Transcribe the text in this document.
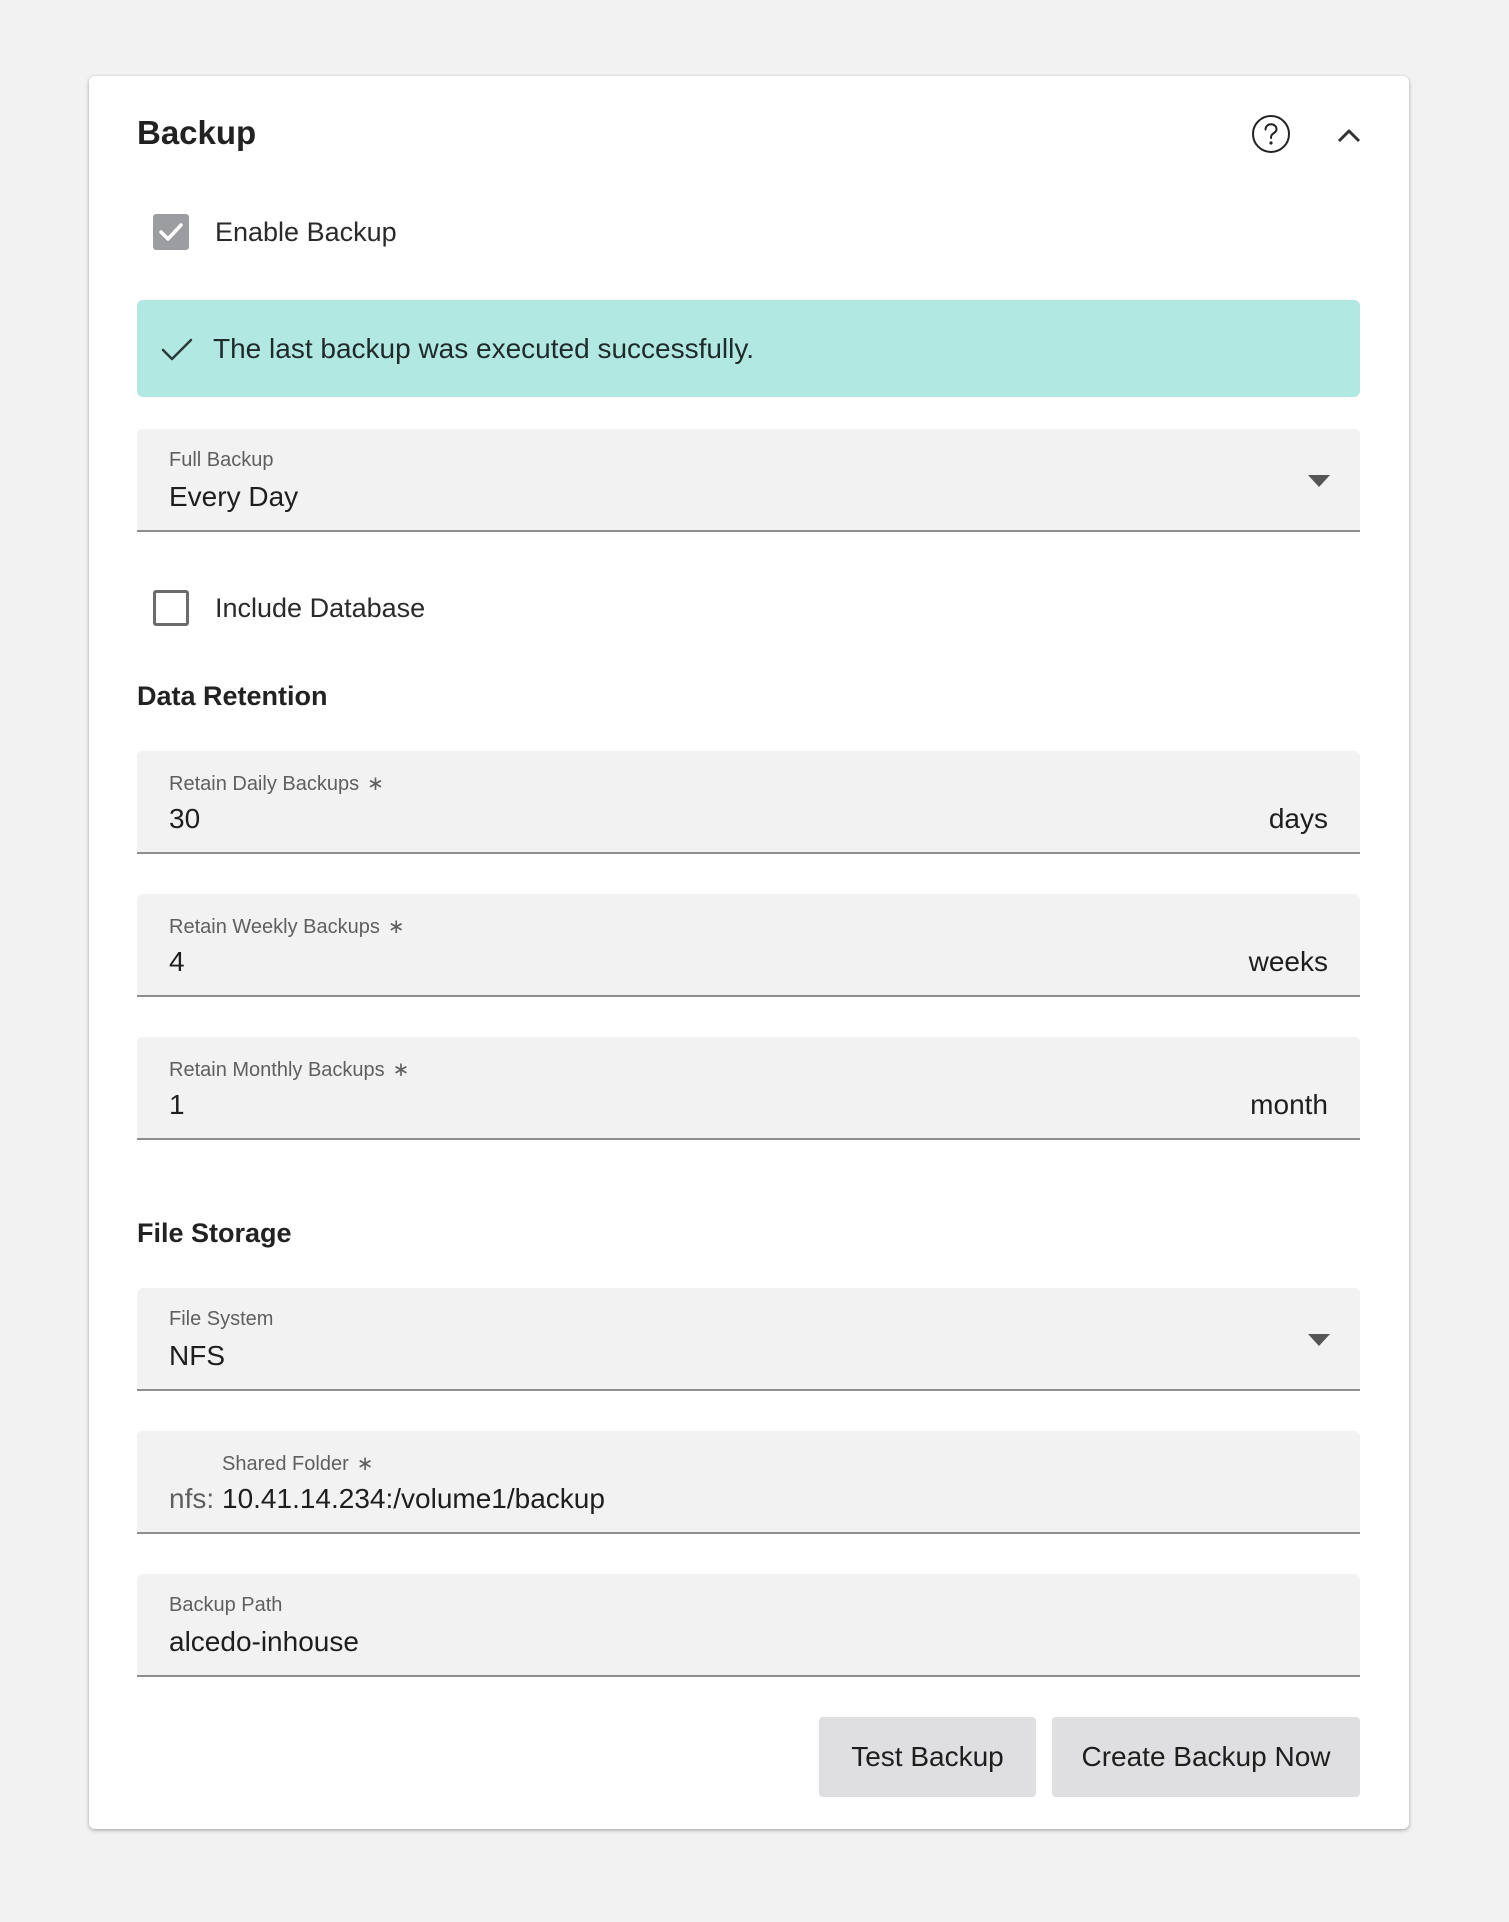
Backup
Enable Backup
The last backup was executed successfully.
Full Backup
Every Day
Include Database
Data Retention
Retain Daily Backups ∗
30	days
Retain Weekly Backups ∗
4	weeks
Retain Monthly Backups ∗
1	month
File Storage
File System
NFS
Shared Folder ∗
nfs: 10.41.14.234:/volume1/backup
Backup Path
alcedo-inhouse
Test Backup	Create Backup Now
